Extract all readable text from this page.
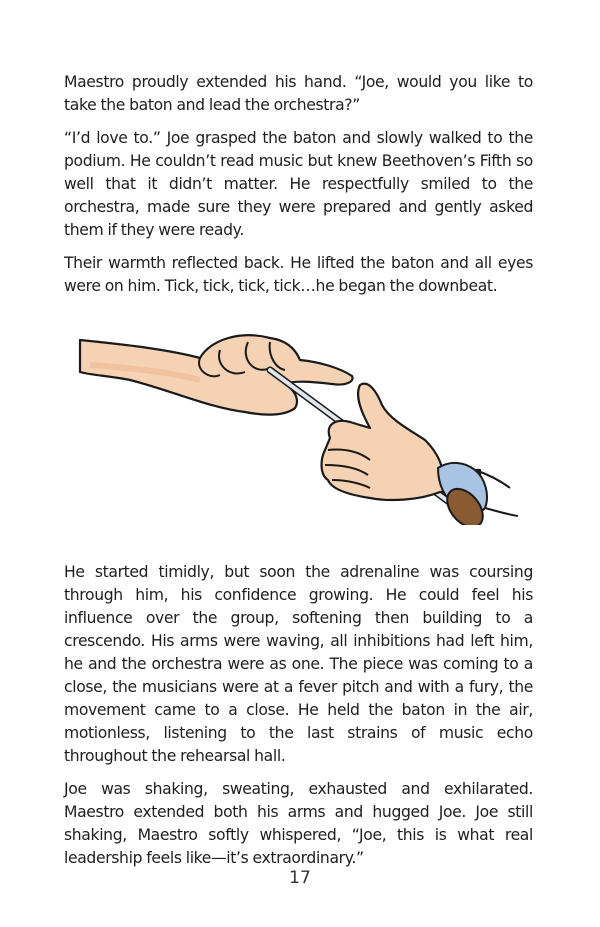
Maestro proudly extended his hand. “Joe, would you like to take the baton and lead the orchestra?”

“I’d love to.” Joe grasped the baton and slowly walked to the podium. He couldn’t read music but knew Beethoven’s Fifth so well that it didn’t matter. He respectfully smiled to the orchestra, made sure they were prepared and gently asked them if they were ready.

Their warmth reflected back. He lifted the baton and all eyes were on him. Tick, tick, tick, tick…he began the downbeat.

He started timidly, but soon the adrenaline was coursing through him, his confidence growing. He could feel his influence over the group, softening then building to a crescendo. His arms were waving, all inhibitions had left him, he and the orchestra were as one. The piece was coming to a close, the musicians were at a fever pitch and with a fury, the movement came to a close. He held the baton in the air, motionless, listening to the last strains of music echo throughout the rehearsal hall.

Joe was shaking, sweating, exhausted and exhilarated. Maestro extended both his arms and hugged Joe. Joe still shaking, Maestro softly whispered, “Joe, this is what real leadership feels like—it’s extraordinary.”

17
